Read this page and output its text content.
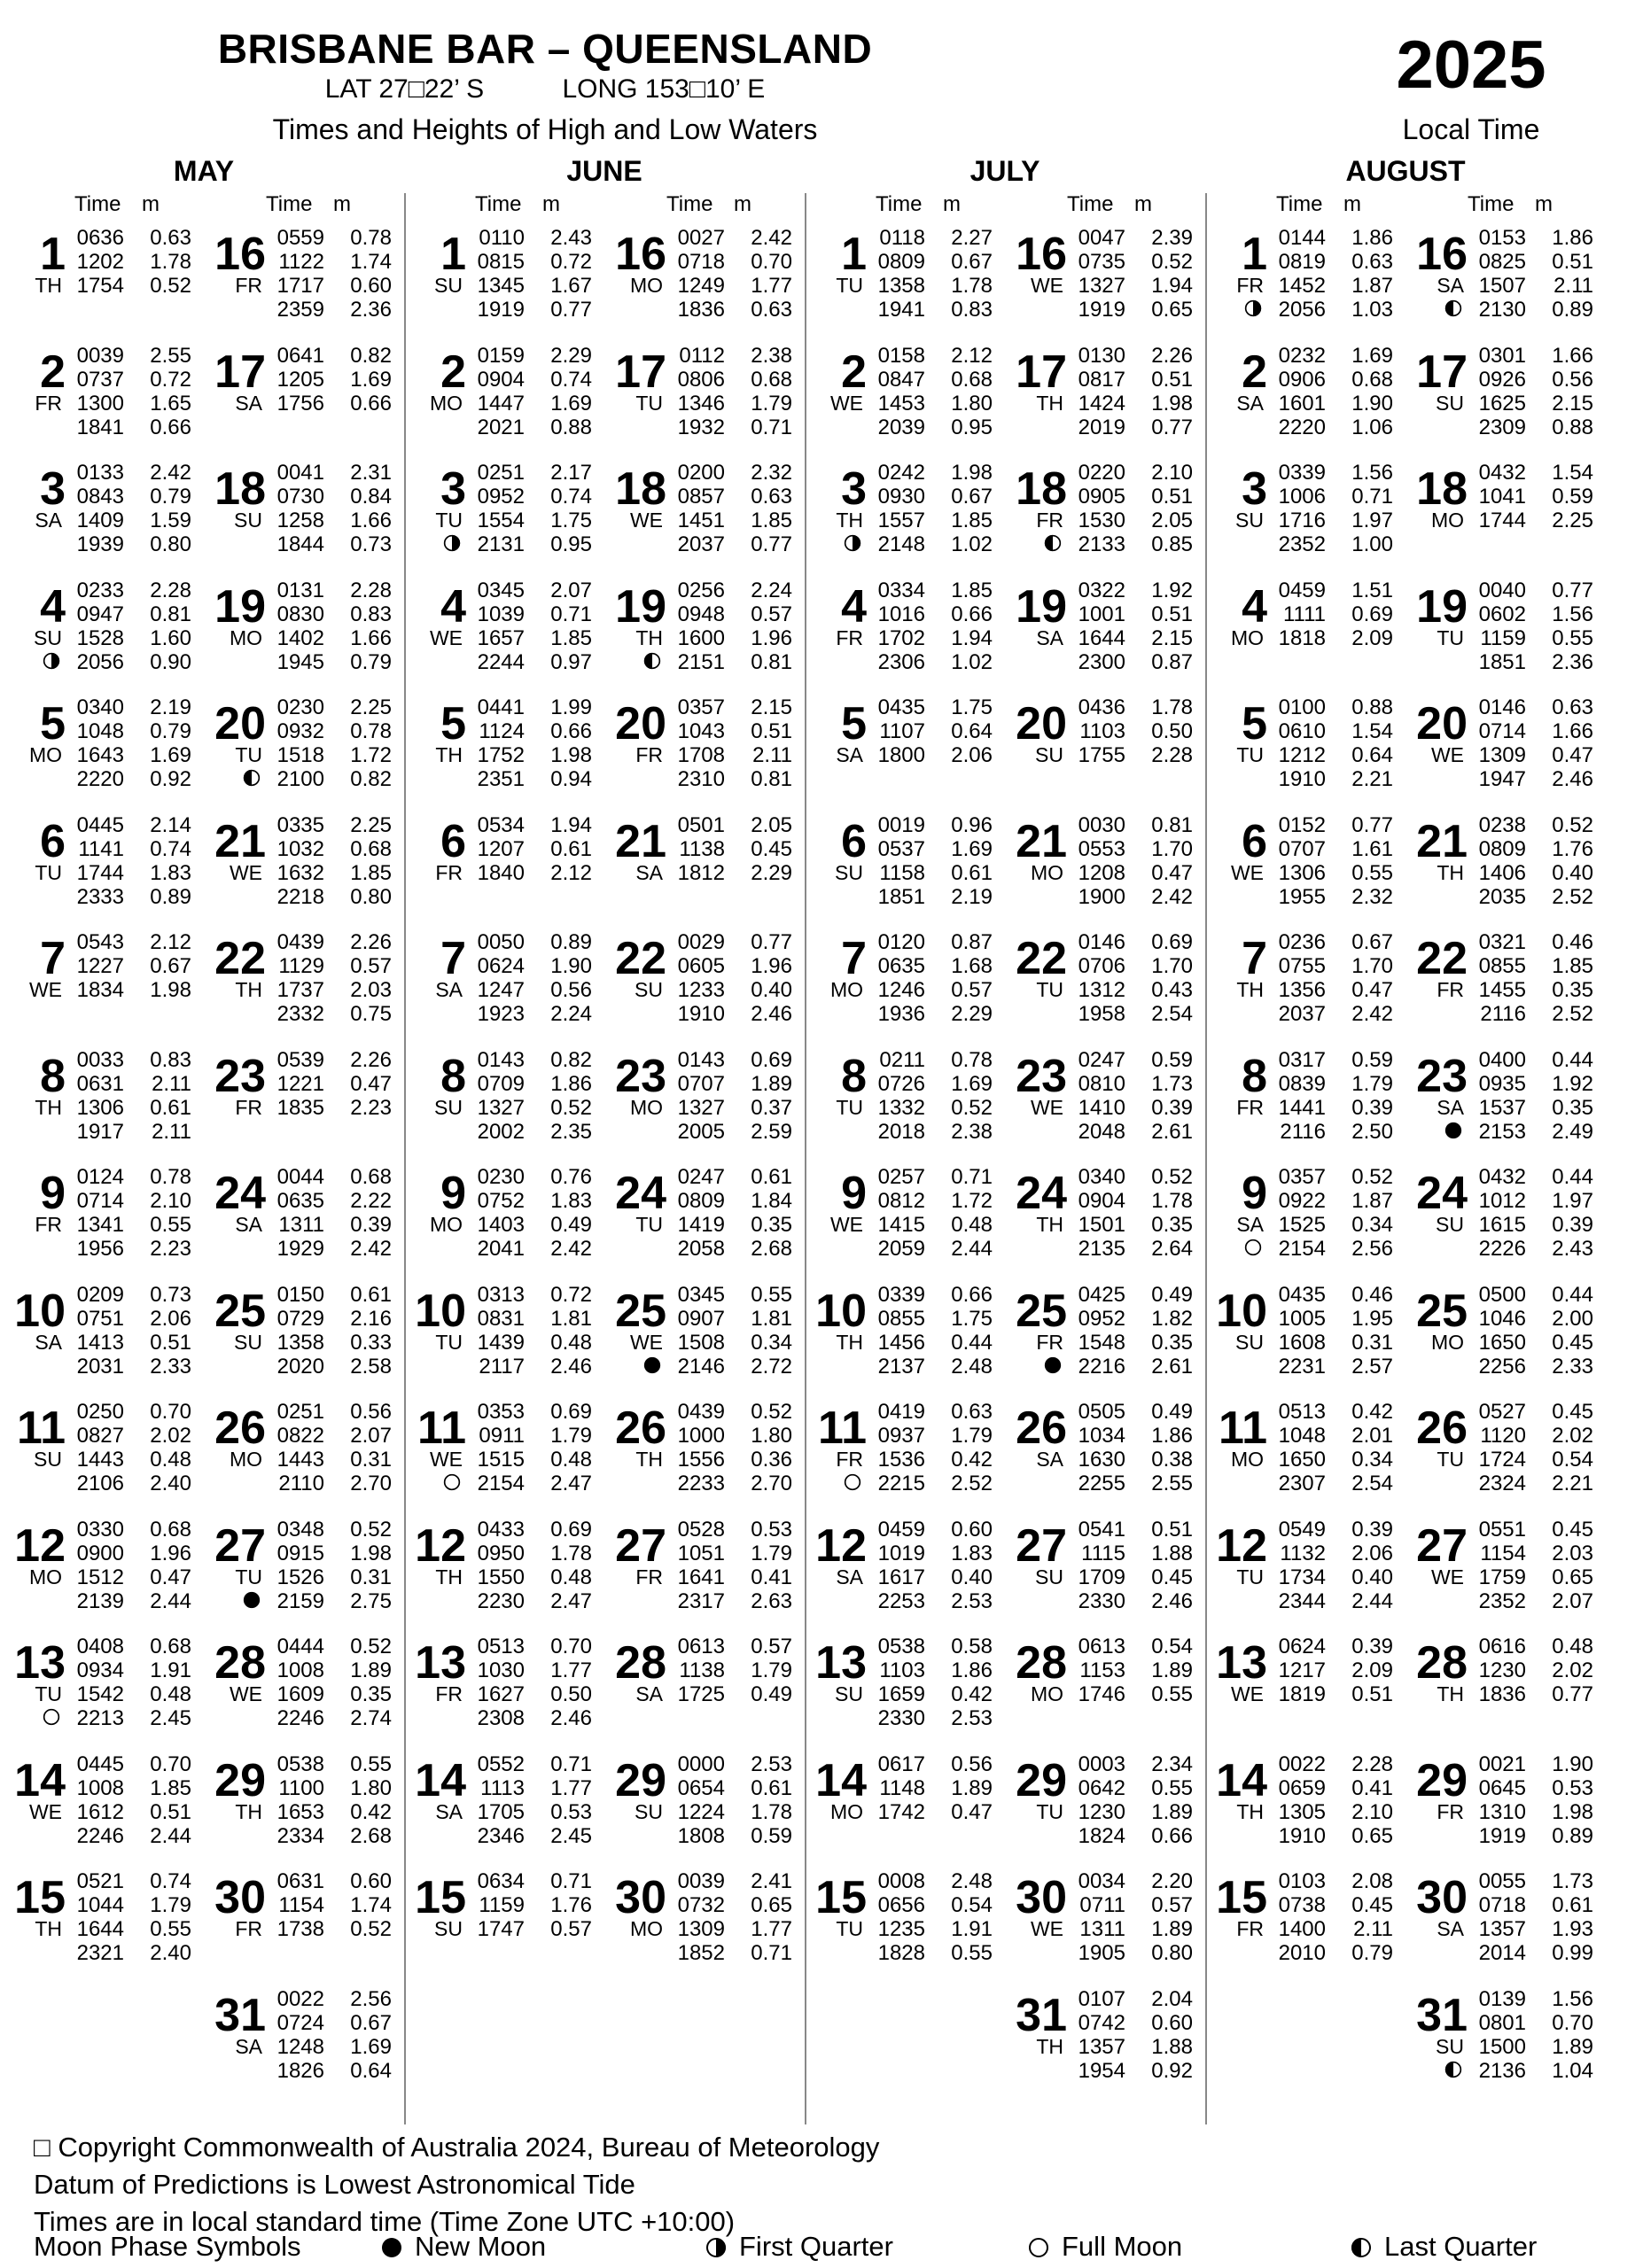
BRISBANE BAR – QUEENSLAND
LAT 27□22’ S	LONG 153□10’ E
Times and Heights of High and Low Waters
2025
Local Time
MAY
Time m	Time m
1
TH
0636	0.63
1202	1.78
1754	0.52
2
FR
0039	2.55
0737	0.72
1300	1.65
1841	0.66
3
SA
0133	2.42
0843	0.79
1409	1.59
1939	0.80
4
SU
0233	2.28
0947	0.81
1528	1.60
2056	0.90
5
MO
0340	2.19
1048	0.79
1643	1.69
2220	0.92
6
TU
0445	2.14
1141	0.74
1744	1.83
2333	0.89
7
WE
0543	2.12
1227	0.67
1834	1.98
8
TH
0033	0.83
0631	2.11
1306	0.61
1917	2.11
9
FR
0124	0.78
0714	2.10
1341	0.55
1956	2.23
10
SA
0209	0.73
0751	2.06
1413	0.51
2031	2.33
11
SU
0250	0.70
0827	2.02
1443	0.48
2106	2.40
12
MO
0330	0.68
0900	1.96
1512	0.47
2139	2.44
13
TU
0408	0.68
0934	1.91
1542	0.48
2213	2.45
14
WE
0445	0.70
1008	1.85
1612	0.51
2246	2.44
15
TH
0521	0.74
1044	1.79
1644	0.55
2321	2.40
16
FR
0559	0.78
1122	1.74
1717	0.60
2359	2.36
17
SA
0641	0.82
1205	1.69
1756	0.66
18
SU
0041	2.31
0730	0.84
1258	1.66
1844	0.73
19
MO
0131	2.28
0830	0.83
1402	1.66
1945	0.79
20
TU
0230	2.25
0932	0.78
1518	1.72
2100	0.82
21
WE
0335	2.25
1032	0.68
1632	1.85
2218	0.80
22
TH
0439	2.26
1129	0.57
1737	2.03
2332	0.75
23
FR
0539	2.26
1221	0.47
1835	2.23
24
SA
0044	0.68
0635	2.22
1311	0.39
1929	2.42
25
SU
0150	0.61
0729	2.16
1358	0.33
2020	2.58
26
MO
0251	0.56
0822	2.07
1443	0.31
2110	2.70
27
TU
0348	0.52
0915	1.98
1526	0.31
2159	2.75
28
WE
0444	0.52
1008	1.89
1609	0.35
2246	2.74
29
TH
0538	0.55
1100	1.80
1653	0.42
2334	2.68
30
FR
0631	0.60
1154	1.74
1738	0.52
31
SA
0022	2.56
0724	0.67
1248	1.69
1826	0.64
JUNE
Time m	Time m
1
SU
0110	2.43
0815	0.72
1345	1.67
1919	0.77
2
MO
0159	2.29
0904	0.74
1447	1.69
2021	0.88
3
TU
0251	2.17
0952	0.74
1554	1.75
2131	0.95
4
WE
0345	2.07
1039	0.71
1657	1.85
2244	0.97
5
TH
0441	1.99
1124	0.66
1752	1.98
2351	0.94
6
FR
0534	1.94
1207	0.61
1840	2.12
7
SA
0050	0.89
0624	1.90
1247	0.56
1923	2.24
8
SU
0143	0.82
0709	1.86
1327	0.52
2002	2.35
9
MO
0230	0.76
0752	1.83
1403	0.49
2041	2.42
10
TU
0313	0.72
0831	1.81
1439	0.48
2117	2.46
11
WE
0353	0.69
0911	1.79
1515	0.48
2154	2.47
12
TH
0433	0.69
0950	1.78
1550	0.48
2230	2.47
13
FR
0513	0.70
1030	1.77
1627	0.50
2308	2.46
14
SA
0552	0.71
1113	1.77
1705	0.53
2346	2.45
15
SU
0634	0.71
1159	1.76
1747	0.57
16
MO
0027	2.42
0718	0.70
1249	1.77
1836	0.63
17
TU
0112	2.38
0806	0.68
1346	1.79
1932	0.71
18
WE
0200	2.32
0857	0.63
1451	1.85
2037	0.77
19
TH
0256	2.24
0948	0.57
1600	1.96
2151	0.81
20
FR
0357	2.15
1043	0.51
1708	2.11
2310	0.81
21
SA
0501	2.05
1138	0.45
1812	2.29
22
SU
0029	0.77
0605	1.96
1233	0.40
1910	2.46
23
MO
0143	0.69
0707	1.89
1327	0.37
2005	2.59
24
TU
0247	0.61
0809	1.84
1419	0.35
2058	2.68
25
WE
0345	0.55
0907	1.81
1508	0.34
2146	2.72
26
TH
0439	0.52
1000	1.80
1556	0.36
2233	2.70
27
FR
0528	0.53
1051	1.79
1641	0.41
2317	2.63
28
SA
0613	0.57
1138	1.79
1725	0.49
29
SU
0000	2.53
0654	0.61
1224	1.78
1808	0.59
30
MO
0039	2.41
0732	0.65
1309	1.77
1852	0.71
JULY
Time m	Time m
1
TU
0118	2.27
0809	0.67
1358	1.78
1941	0.83
2
WE
0158	2.12
0847	0.68
1453	1.80
2039	0.95
3
TH
0242	1.98
0930	0.67
1557	1.85
2148	1.02
4
FR
0334	1.85
1016	0.66
1702	1.94
2306	1.02
5
SA
0435	1.75
1107	0.64
1800	2.06
6
SU
0019	0.96
0537	1.69
1158	0.61
1851	2.19
7
MO
0120	0.87
0635	1.68
1246	0.57
1936	2.29
8
TU
0211	0.78
0726	1.69
1332	0.52
2018	2.38
9
WE
0257	0.71
0812	1.72
1415	0.48
2059	2.44
10
TH
0339	0.66
0855	1.75
1456	0.44
2137	2.48
11
FR
0419	0.63
0937	1.79
1536	0.42
2215	2.52
12
SA
0459	0.60
1019	1.83
1617	0.40
2253	2.53
13
SU
0538	0.58
1103	1.86
1659	0.42
2330	2.53
14
MO
0617	0.56
1148	1.89
1742	0.47
15
TU
0008	2.48
0656	0.54
1235	1.91
1828	0.55
16
WE
0047	2.39
0735	0.52
1327	1.94
1919	0.65
17
TH
0130	2.26
0817	0.51
1424	1.98
2019	0.77
18
FR
0220	2.10
0905	0.51
1530	2.05
2133	0.85
19
SA
0322	1.92
1001	0.51
1644	2.15
2300	0.87
20
SU
0436	1.78
1103	0.50
1755	2.28
21
MO
0030	0.81
0553	1.70
1208	0.47
1900	2.42
22
TU
0146	0.69
0706	1.70
1312	0.43
1958	2.54
23
WE
0247	0.59
0810	1.73
1410	0.39
2048	2.61
24
TH
0340	0.52
0904	1.78
1501	0.35
2135	2.64
25
FR
0425	0.49
0952	1.82
1548	0.35
2216	2.61
26
SA
0505	0.49
1034	1.86
1630	0.38
2255	2.55
27
SU
0541	0.51
1115	1.88
1709	0.45
2330	2.46
28
MO
0613	0.54
1153	1.89
1746	0.55
29
TU
0003	2.34
0642	0.55
1230	1.89
1824	0.66
30
WE
0034	2.20
0711	0.57
1311	1.89
1905	0.80
31
TH
0107	2.04
0742	0.60
1357	1.88
1954	0.92
AUGUST
Time m	Time m
1
FR
0144	1.86
0819	0.63
1452	1.87
2056	1.03
2
SA
0232	1.69
0906	0.68
1601	1.90
2220	1.06
3
SU
0339	1.56
1006	0.71
1716	1.97
2352	1.00
4
MO
0459	1.51
1111	0.69
1818	2.09
5
TU
0100	0.88
0610	1.54
1212	0.64
1910	2.21
6
WE
0152	0.77
0707	1.61
1306	0.55
1955	2.32
7
TH
0236	0.67
0755	1.70
1356	0.47
2037	2.42
8
FR
0317	0.59
0839	1.79
1441	0.39
2116	2.50
9
SA
0357	0.52
0922	1.87
1525	0.34
2154	2.56
10
SU
0435	0.46
1005	1.95
1608	0.31
2231	2.57
11
MO
0513	0.42
1048	2.01
1650	0.34
2307	2.54
12
TU
0549	0.39
1132	2.06
1734	0.40
2344	2.44
13
WE
0624	0.39
1217	2.09
1819	0.51
14
TH
0022	2.28
0659	0.41
1305	2.10
1910	0.65
15
FR
0103	2.08
0738	0.45
1400	2.11
2010	0.79
16
SA
0153	1.86
0825	0.51
1507	2.11
2130	0.89
17
SU
0301	1.66
0926	0.56
1625	2.15
2309	0.88
18
MO
0432	1.54
1041	0.59
1744	2.25
19
TU
0040	0.77
0602	1.56
1159	0.55
1851	2.36
20
WE
0146	0.63
0714	1.66
1309	0.47
1947	2.46
21
TH
0238	0.52
0809	1.76
1406	0.40
2035	2.52
22
FR
0321	0.46
0855	1.85
1455	0.35
2116	2.52
23
SA
0400	0.44
0935	1.92
1537	0.35
2153	2.49
24
SU
0432	0.44
1012	1.97
1615	0.39
2226	2.43
25
MO
0500	0.44
1046	2.00
1650	0.45
2256	2.33
26
TU
0527	0.45
1120	2.02
1724	0.54
2324	2.21
27
WE
0551	0.45
1154	2.03
1759	0.65
2352	2.07
28
TH
0616	0.48
1230	2.02
1836	0.77
29
FR
0021	1.90
0645	0.53
1310	1.98
1919	0.89
30
SA
0055	1.73
0718	0.61
1357	1.93
2014	0.99
31
SU
0139	1.56
0801	0.70
1500	1.89
2136	1.04
□ Copyright Commonwealth of Australia 2024, Bureau of Meteorology
Datum of Predictions is Lowest Astronomical Tide
Times are in local standard time (Time Zone UTC +10:00)
Moon Phase Symbols	New Moon	First Quarter	Full Moon	Last Quarter
